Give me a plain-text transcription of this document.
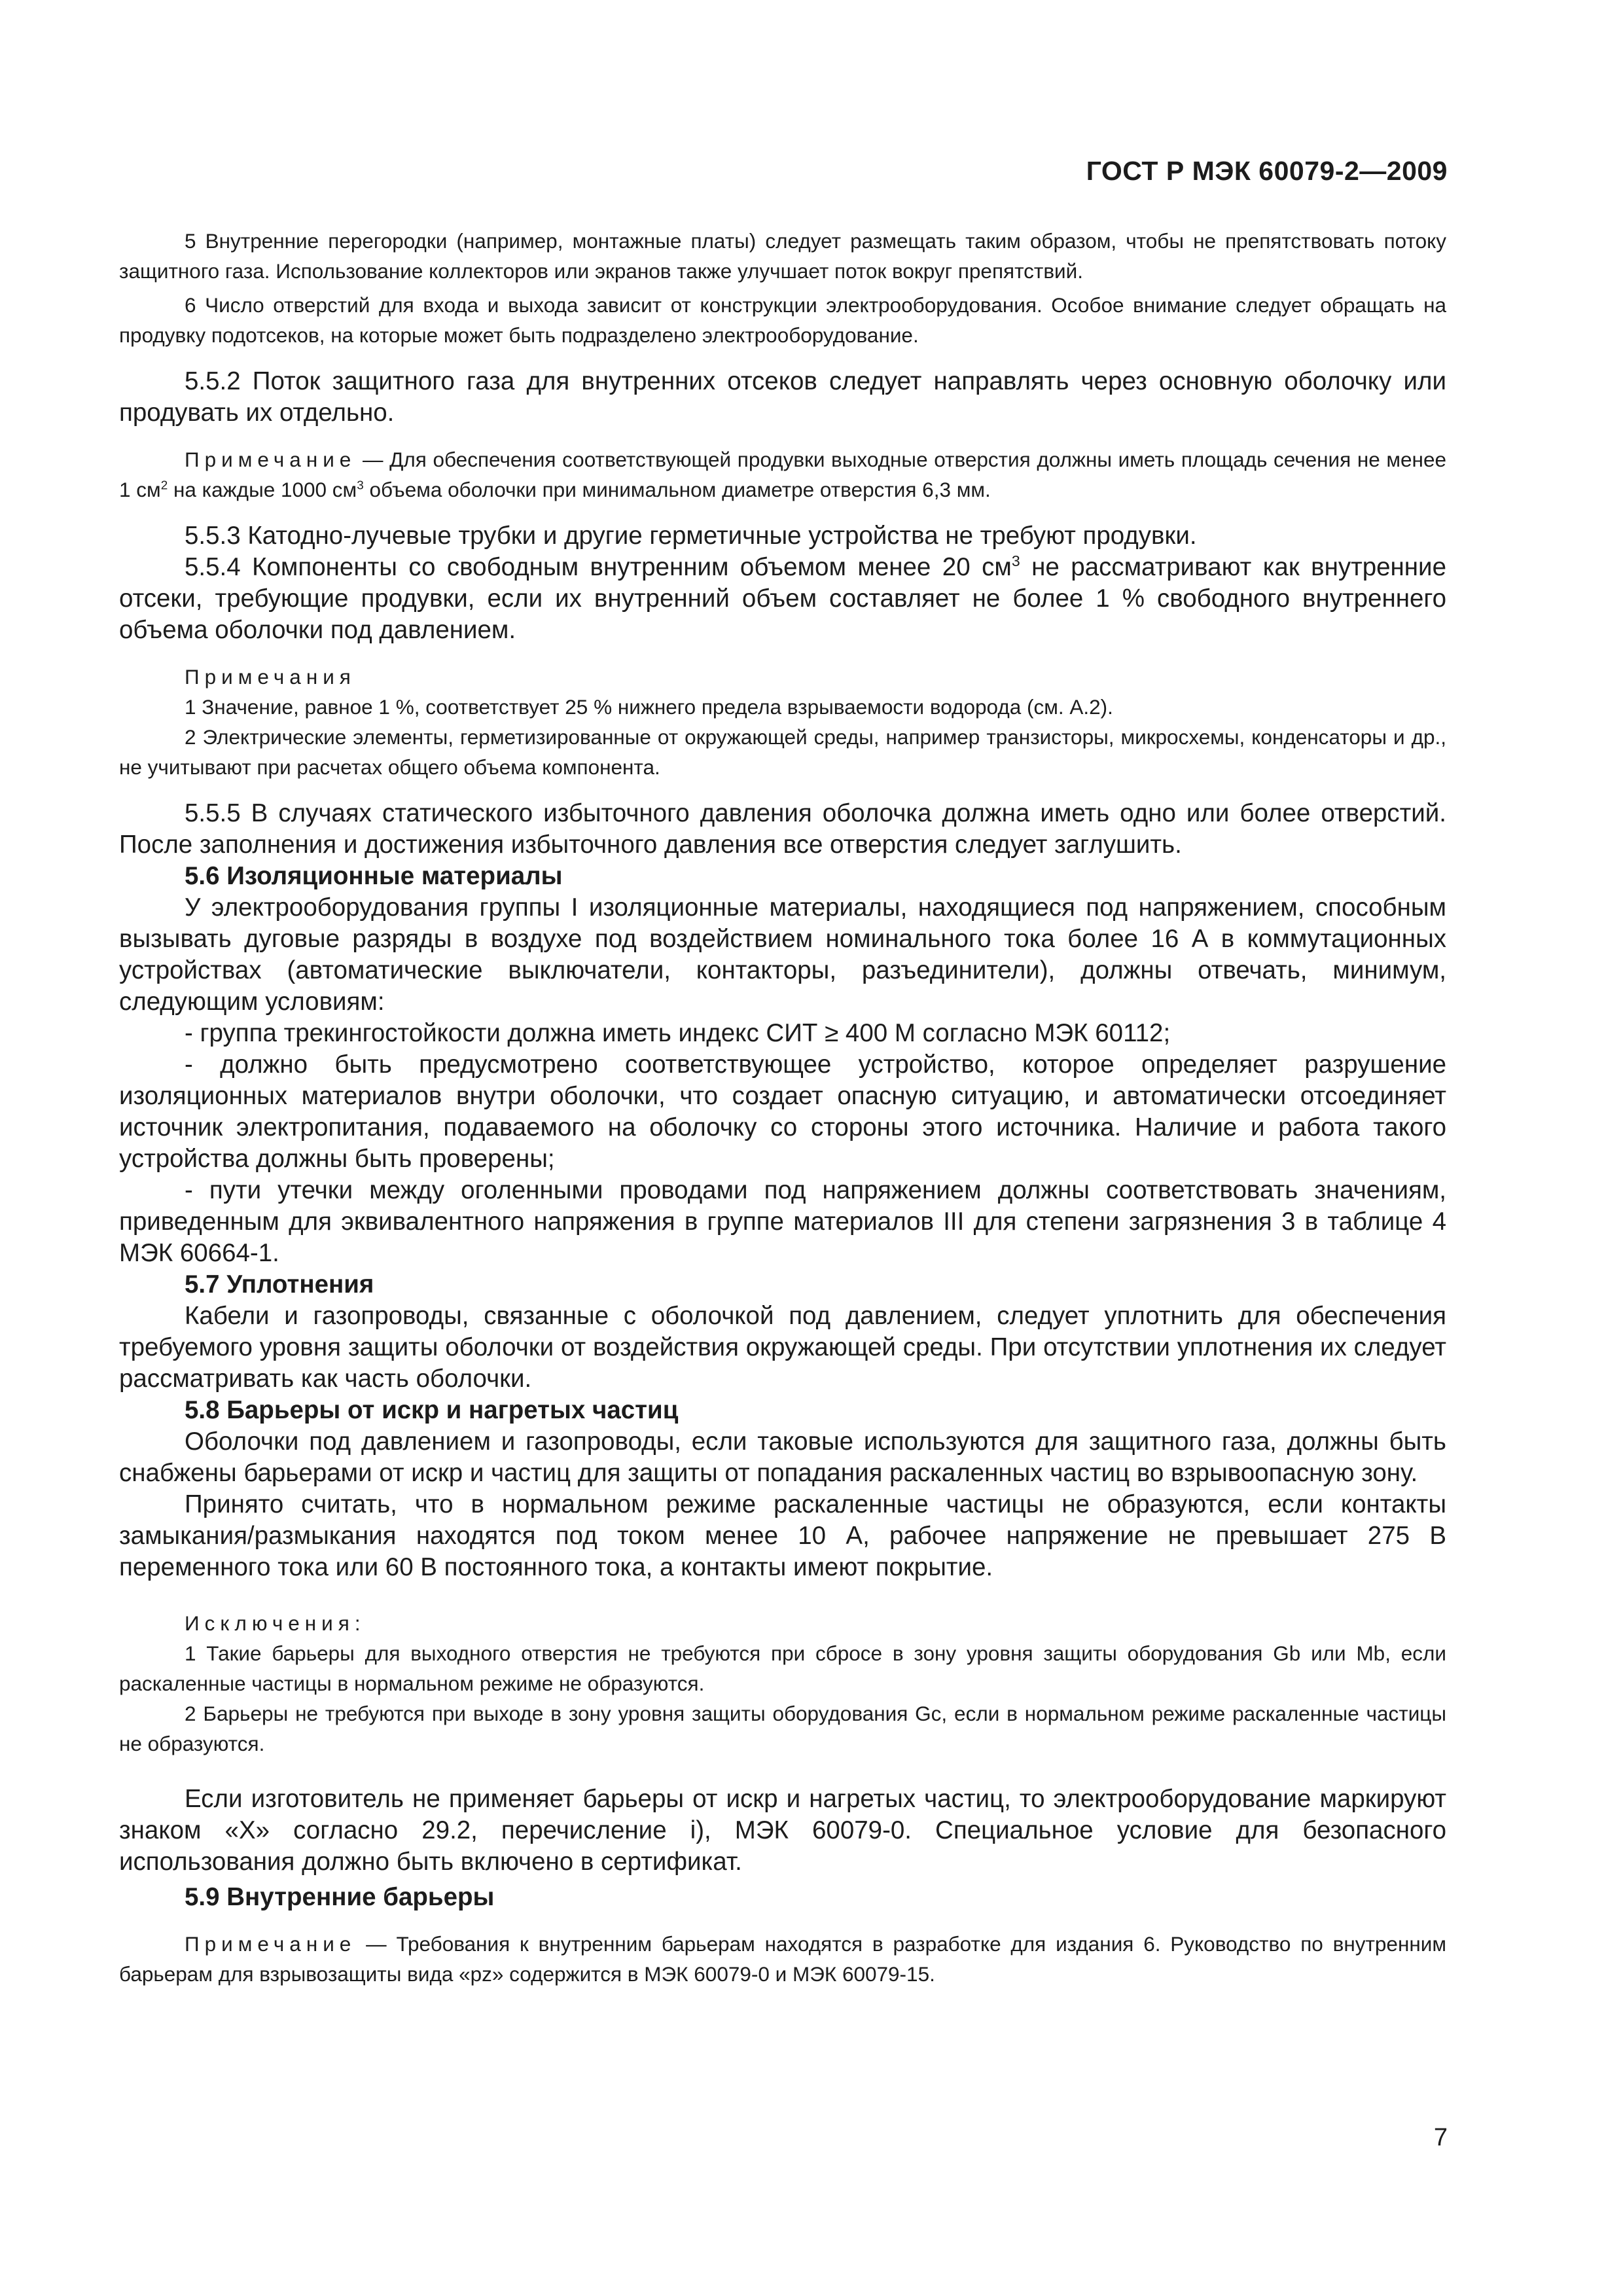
ГОСТ Р МЭК 60079-2—2009

5 Внутренние перегородки (например, монтажные платы) следует размещать таким образом, чтобы не препятствовать потоку защитного газа. Использование коллекторов или экранов также улучшает поток вокруг препятствий.

6 Число отверстий для входа и выхода зависит от конструкции электрооборудования. Особое внимание следует обращать на продувку подотсеков, на которые может быть подразделено электрооборудование.

5.5.2 Поток защитного газа для внутренних отсеков следует направлять через основную оболочку или продувать их отдельно.

Примечание — Для обеспечения соответствующей продувки выходные отверстия должны иметь площадь сечения не менее 1 $см^2$ на каждые 1000 $см^3$ объема оболочки при минимальном диаметре отверстия 6,3 мм.

5.5.3 Катодно-лучевые трубки и другие герметичные устройства не требуют продувки.

5.5.4 Компоненты со свободным внутренним объемом менее 20 $см^3$ не рассматривают как внутренние отсеки, требующие продувки, если их внутренний объем составляет не более 1 % свободного внутреннего объема оболочки под давлением.

Примечания

1 Значение, равное 1 %, соответствует 25 % нижнего предела взрываемости водорода (см. А.2).

2 Электрические элементы, герметизированные от окружающей среды, например транзисторы, микросхемы, конденсаторы и др., не учитывают при расчетах общего объема компонента.

5.5.5 В случаях статического избыточного давления оболочка должна иметь одно или более отверстий. После заполнения и достижения избыточного давления все отверстия следует заглушить.

5.6 Изоляционные материалы

У электрооборудования группы I изоляционные материалы, находящиеся под напряжением, способным вызывать дуговые разряды в воздухе под воздействием номинального тока более 16 А в коммутационных устройствах (автоматические выключатели, контакторы, разъединители), должны отвечать, минимум, следующим условиям:

- группа трекингостойкости должна иметь индекс СИТ ≥ 400 М согласно МЭК 60112;

- должно быть предусмотрено соответствующее устройство, которое определяет разрушение изоляционных материалов внутри оболочки, что создает опасную ситуацию, и автоматически отсоединяет источник электропитания, подаваемого на оболочку со стороны этого источника. Наличие и работа такого устройства должны быть проверены;

- пути утечки между оголенными проводами под напряжением должны соответствовать значениям, приведенным для эквивалентного напряжения в группе материалов III для степени загрязнения 3 в таблице 4 МЭК 60664-1.

5.7 Уплотнения

Кабели и газопроводы, связанные с оболочкой под давлением, следует уплотнить для обеспечения требуемого уровня защиты оболочки от воздействия окружающей среды. При отсутствии уплотнения их следует рассматривать как часть оболочки.

5.8 Барьеры от искр и нагретых частиц

Оболочки под давлением и газопроводы, если таковые используются для защитного газа, должны быть снабжены барьерами от искр и частиц для защиты от попадания раскаленных частиц во взрывоопасную зону.

Принято считать, что в нормальном режиме раскаленные частицы не образуются, если контакты замыкания/размыкания находятся под током менее 10 А, рабочее напряжение не превышает 275 В переменного тока или 60 В постоянного тока, а контакты имеют покрытие.

Исключения:

1 Такие барьеры для выходного отверстия не требуются при сбросе в зону уровня защиты оборудования Gb или Mb, если раскаленные частицы в нормальном режиме не образуются.

2 Барьеры не требуются при выходе в зону уровня защиты оборудования Gc, если в нормальном режиме раскаленные частицы не образуются.

Если изготовитель не применяет барьеры от искр и нагретых частиц, то электрооборудование маркируют знаком «X» согласно 29.2, перечисление i), МЭК 60079-0. Специальное условие для безопасного использования должно быть включено в сертификат.

5.9 Внутренние барьеры

Примечание — Требования к внутренним барьерам находятся в разработке для издания 6. Руководство по внутренним барьерам для взрывозащиты вида «pz» содержится в МЭК 60079-0 и МЭК 60079-15.

7
